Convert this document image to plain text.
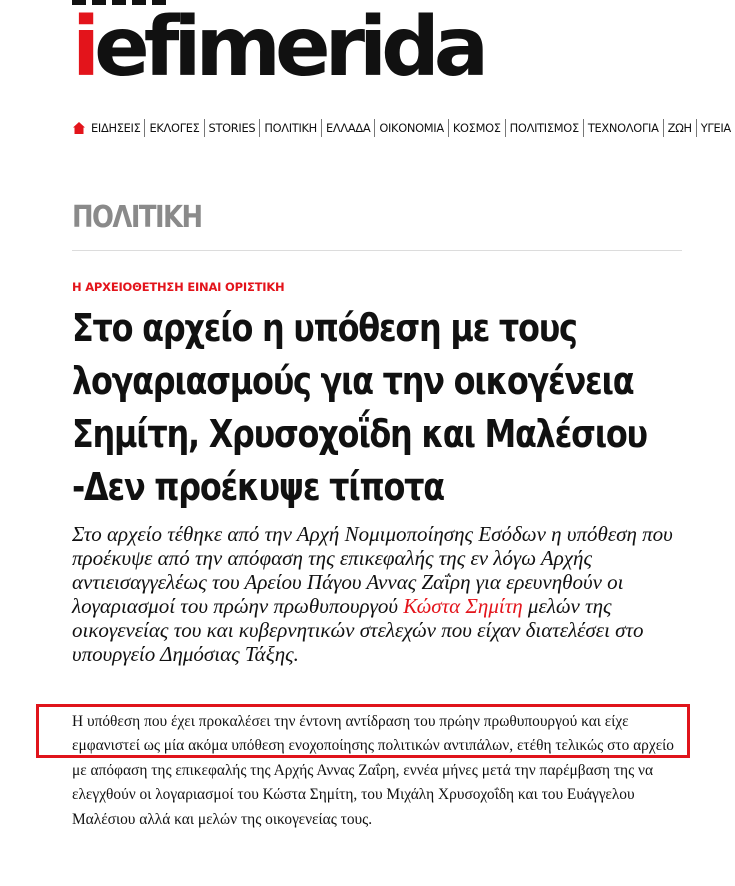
iefimerida
ΕΙΔΗΣΕΙΣ ΕΚΛΟΓΕΣ STORIES ΠΟΛΙΤΙΚΗ ΕΛΛΑΔΑ ΟΙΚΟΝΟΜΙΑ ΚΟΣΜΟΣ ΠΟΛΙΤΙΣΜΟΣ ΤΕΧΝΟΛΟΓΙΑ ΖΩΗ ΥΓΕΙΑ
ΠΟΛΙΤΙΚΗ
Η ΑΡΧΕΙΟΘΕΤΗΣΗ ΕΙΝΑΙ ΟΡΙΣΤΙΚΗ
Στο αρχείο η υπόθεση με τους
λογαριασμούς για την οικογένεια
Σημίτη, Χρυσοχοΐδη και Μαλέσιου
-Δεν προέκυψε τίποτα

Στο αρχείο τέθηκε από την Αρχή Νομιμοποίησης Εσόδων η υπόθεση που προέκυψε από την απόφαση της επικεφαλής της εν λόγω Αρχής αντιεισαγγελέως του Αρείου Πάγου Αννας Ζαΐρη για ερευνηθούν οι λογαριασμοί του πρώην πρωθυπουργού Κώστα Σημίτη μελών της οικογενείας του και κυβερνητικών στελεχών που είχαν διατελέσει στο υπουργείο Δημόσιας Τάξης.

Η υπόθεση που έχει προκαλέσει την έντονη αντίδραση του πρώην πρωθυπουργού και είχε εμφανιστεί ως μία ακόμα υπόθεση ενοχοποίησης πολιτικών αντιπάλων, ετέθη τελικώς στο αρχείο με απόφαση της επικεφαλής της Αρχής Αννας Ζαΐρη, εννέα μήνες μετά την παρέμβαση της να ελεγχθούν οι λογαριασμοί του Κώστα Σημίτη, του Μιχάλη Χρυσοχοΐδη και του Ευάγγελου Μαλέσιου αλλά και μελών της οικογενείας τους.
